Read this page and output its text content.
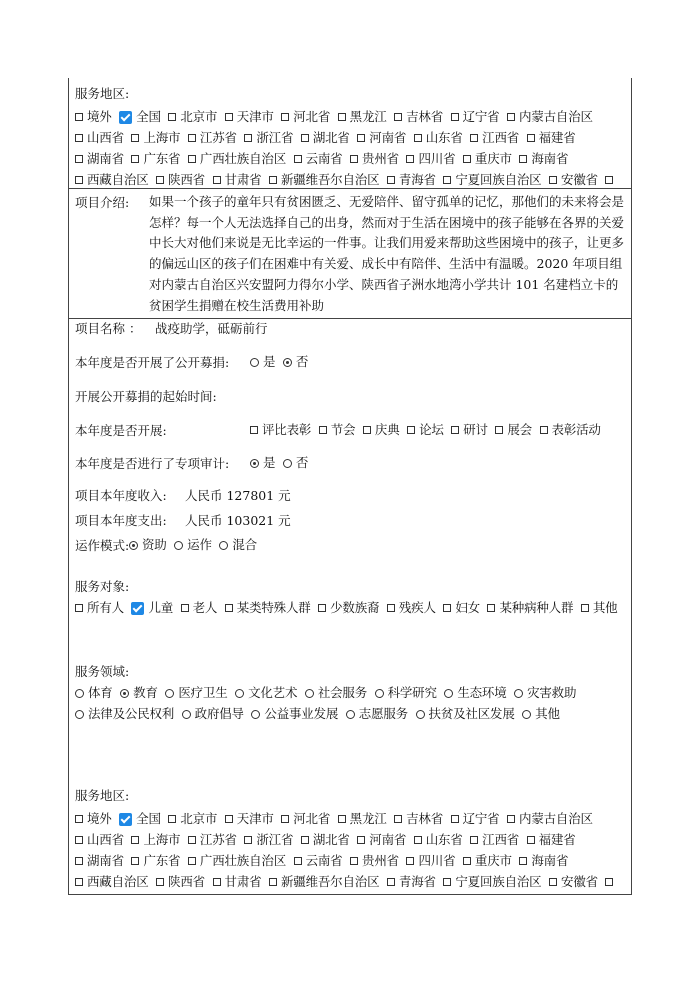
服务地区:
境外 全国 北京市 天津市 河北省 黑龙江 吉林省 辽宁省 内蒙古自治区  山西省 上海市 江苏省 浙江省 湖北省 河南省 山东省 江西省 福建省  湖南省 广东省 广西壮族自治区 云南省 贵州省 四川省 重庆市 海南省  西藏自治区 陕西省 甘肃省 新疆维吾尔自治区 青海省 宁夏回族自治区 安徽省
项目介绍: 如果一个孩子的童年只有贫困匮乏、无爱陪伴、留守孤单的记忆，那他们的未来将会是怎样？每一个人无法选择自己的出身，然而对于生活在困境中的孩子能够在各界的关爱中长大对他们来说是无比幸运的一件事。让我们用爱来帮助这些困境中的孩子，让更多的偏远山区的孩子们在困难中有关爱、成长中有陪伴、生活中有温暖。2020 年项目组对内蒙古自治区兴安盟阿力得尔小学、陕西省子洲水地湾小学共计 101 名建档立卡的贫困学生捐赠在校生活费用补助
项目名称 ： 战疫助学，砥砺前行
本年度是否开展了公开募捐:	是 否
开展公开募捐的起始时间:
本年度是否开展:	评比表彰 节会 庆典 论坛 研讨 展会 表彰活动
本年度是否进行了专项审计:	是 否
项目本年度收入: 人民币 127801 元
项目本年度支出: 人民币 103021 元
运作模式:	资助 运作 混合
服务对象:
所有人 儿童 老人 某类特殊人群 少数族裔 残疾人 妇女 某种病种人群 其他
服务领域:
体育 教育 医疗卫生 文化艺术 社会服务 科学研究 生态环境 灾害救助  法律及公民权利 政府倡导 公益事业发展 志愿服务 扶贫及社区发展 其他
服务地区:
境外 全国 北京市 天津市 河北省 黑龙江 吉林省 辽宁省 内蒙古自治区  山西省 上海市 江苏省 浙江省 湖北省 河南省 山东省 江西省 福建省  湖南省 广东省 广西壮族自治区 云南省 贵州省 四川省 重庆市 海南省  西藏自治区 陕西省 甘肃省 新疆维吾尔自治区 青海省 宁夏回族自治区 安徽省
